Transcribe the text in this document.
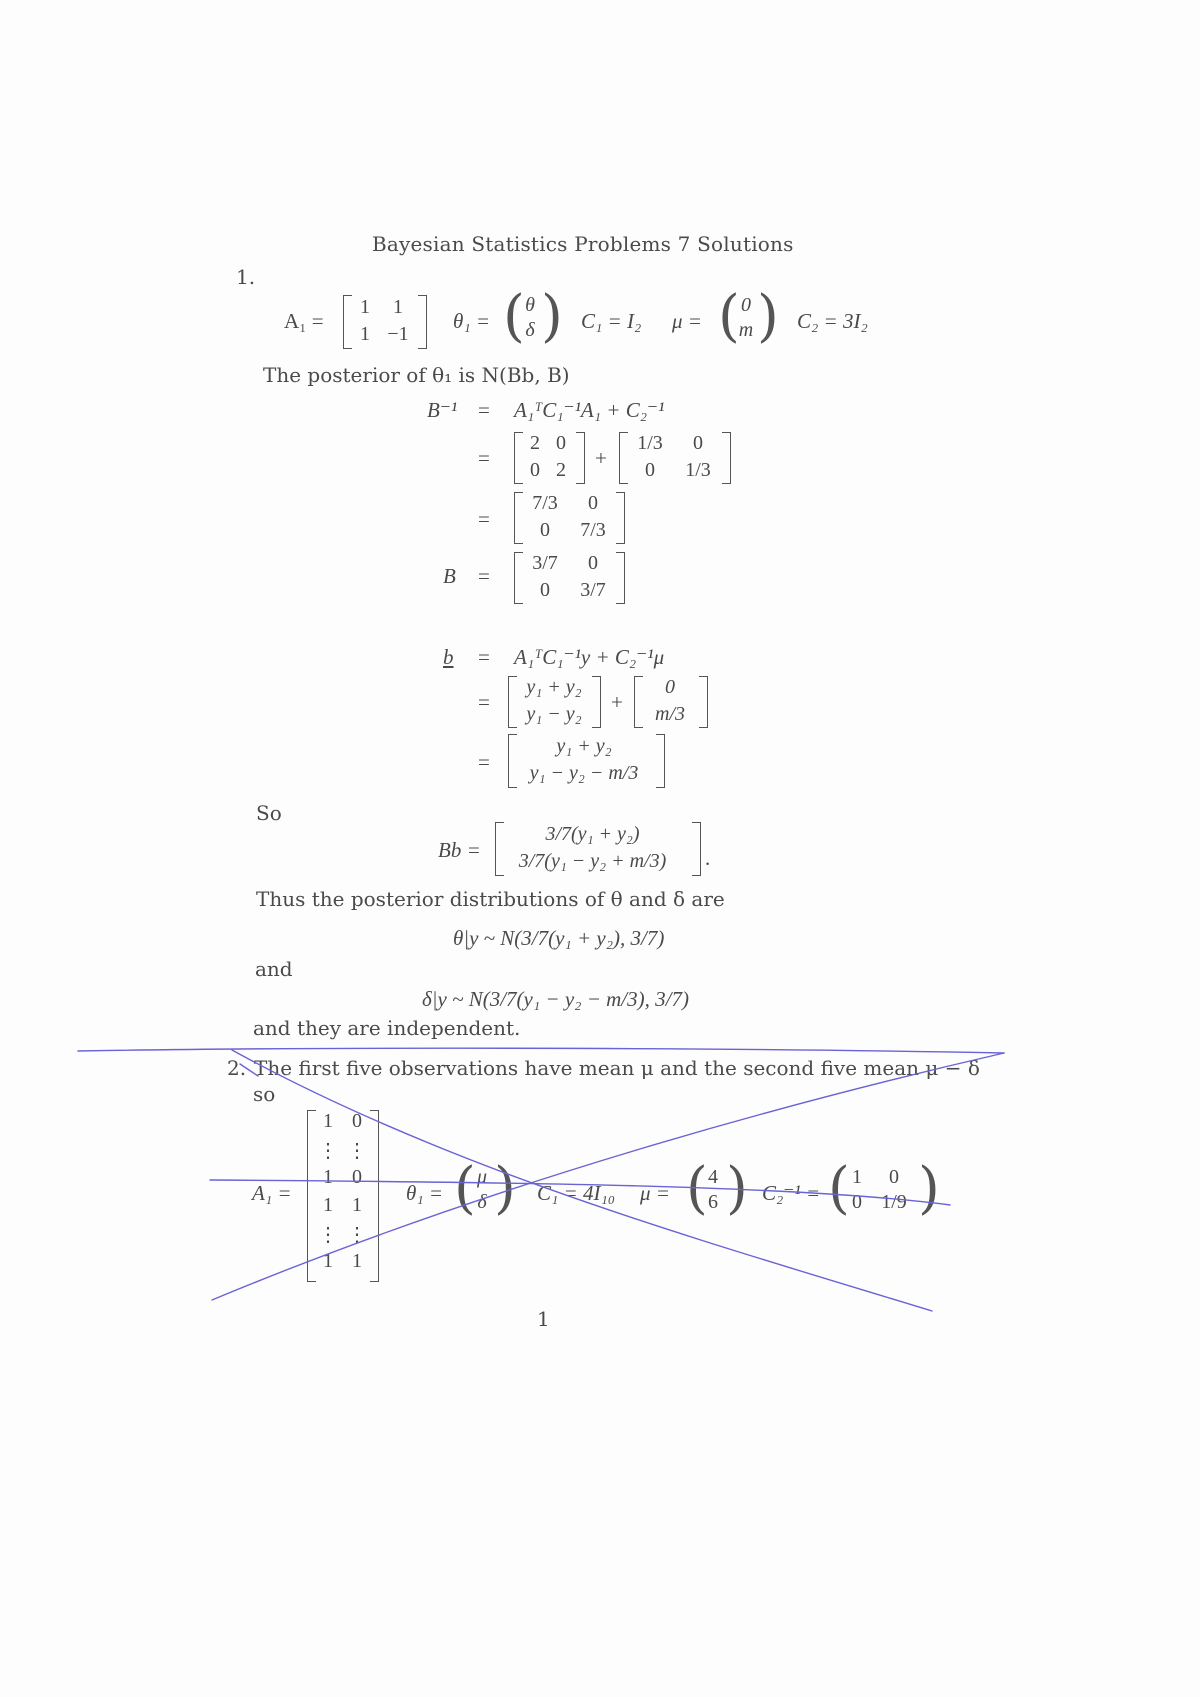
Bayesian Statistics Problems 7 Solutions
1.
A₁ =
1	1
1 −1
θ₁ = ( θ
δ ) C₁ = I₂ μ = ( 0
m ) C₂ = 3I₂
The posterior of θ₁ is N(Bb, B)
B⁻¹ = A₁ᵀC₁⁻¹A₁ + C₂⁻¹
=
2 0
0 2	+
1/3	0
0	1/3
=
7/3	0
0	7/3
B =
3/7	0
0	3/7
b = A₁ᵀC₁⁻¹y + C₂⁻¹μ
=
y₁ + y₂
y₁ − y₂	+
0
m/3
=
y₁ + y₂
y₁ − y₂ − m/3
So
Bb =
3/7(y₁ + y₂)
3/7(y₁ − y₂ + m/3)	.
Thus the posterior distributions of θ and δ are
θ|y ~ N(3/7(y₁ + y₂), 3/7)
and
δ|y ~ N(3/7(y₁ − y₂ − m/3), 3/7)
and they are independent.
2. The first five observations have mean μ and the second five mean μ − δ
so
A₁ =
1 0
⋮ ⋮
1 0
1 1
⋮ ⋮
1 1
θ₁ = ( μ
δ ) C₁ = 4I₁₀ μ = ( 4
6 ) C₂⁻¹ = ( 1	0
0 1/9 )
1
